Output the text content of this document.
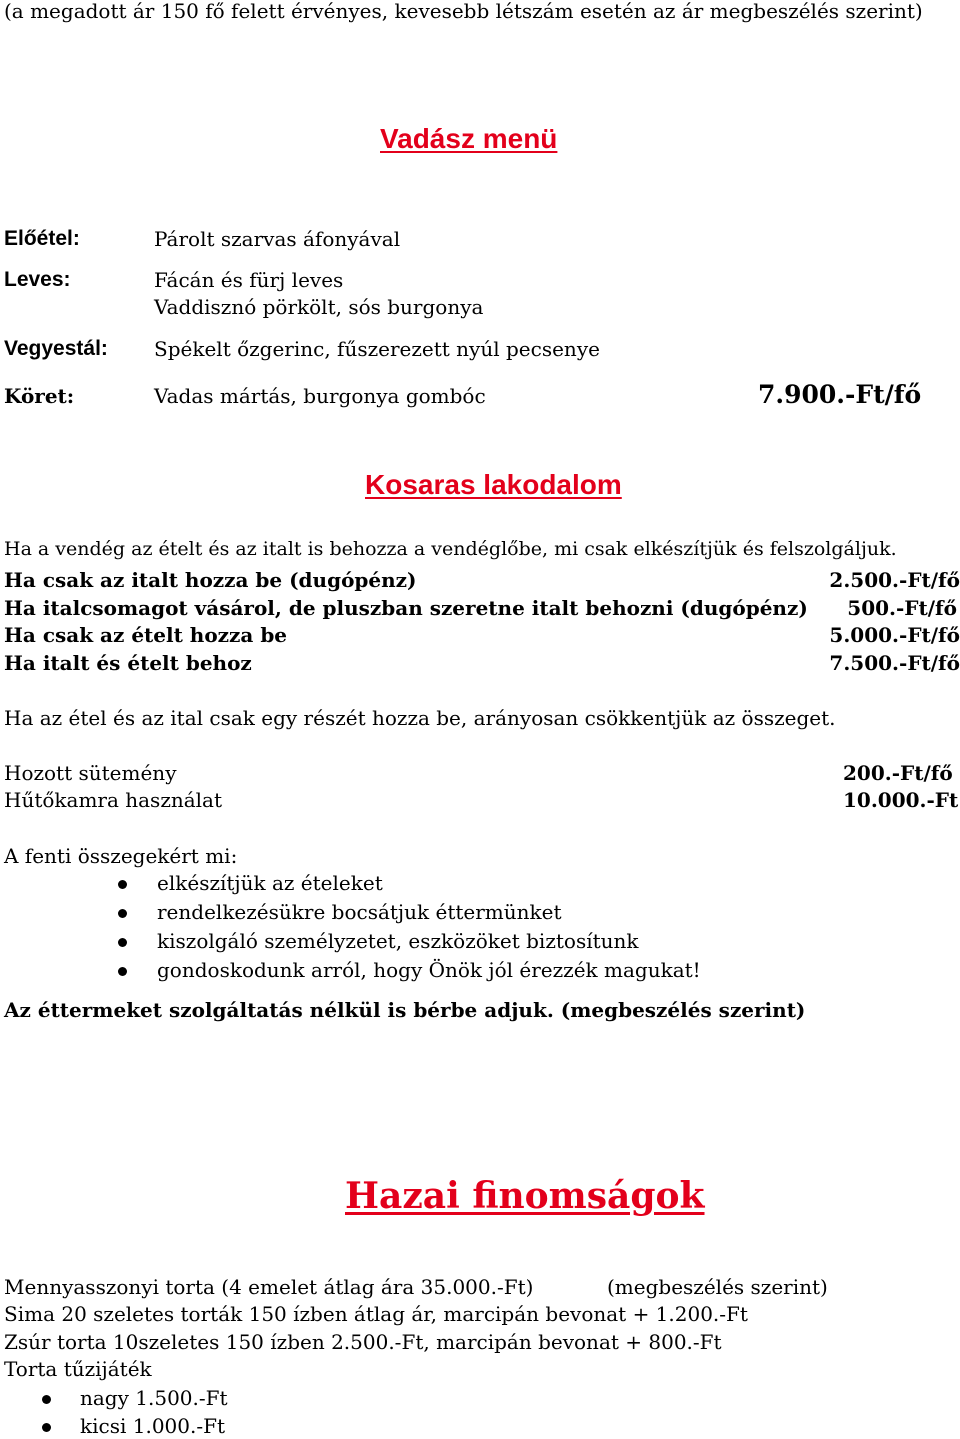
(a megadott ár 150 fő felett érvényes, kevesebb létszám esetén az ár megbeszélés szerint)
Vadász menü
Előétel:	Párolt szarvas áfonyával
Leves:	Fácán és fürj leves
Vaddisznó pörkölt, sós burgonya
Vegyestál: Spékelt őzgerinc, fűszerezett nyúl pecsenye
Köret:	Vadas mártás, burgonya gombóc	7.900.-Ft/fő
Kosaras lakodalom
Ha a vendég az ételt és az italt is behozza a vendéglőbe, mi csak elkészítjük és felszolgáljuk.
Ha csak az italt hozza be (dugópénz)	2.500.-Ft/fő
Ha italcsomagot vásárol, de pluszban szeretne italt behozni (dugópénz) 500.-Ft/fő
Ha csak az ételt hozza be	5.000.-Ft/fő
Ha italt és ételt behoz	7.500.-Ft/fő
Ha az étel és az ital csak egy részét hozza be, arányosan csökkentjük az összeget.
Hozott sütemény	200.-Ft/fő
Hűtőkamra használat	10.000.-Ft
A fenti összegekért mi:
elkészítjük az ételeket
rendelkezésükre bocsátjuk éttermünket
kiszolgáló személyzetet, eszközöket biztosítunk
gondoskodunk arról, hogy Önök jól érezzék magukat!
Az éttermeket szolgáltatás nélkül is bérbe adjuk. (megbeszélés szerint)
Hazai finomságok
Mennyasszonyi torta (4 emelet átlag ára 35.000.-Ft)	(megbeszélés szerint)
Sima 20 szeletes torták 150 ízben átlag ár, marcipán bevonat + 1.200.-Ft
Zsúr torta 10szeletes 150 ízben 2.500.-Ft, marcipán bevonat + 800.-Ft
Torta tűzijáték
nagy 1.500.-Ft
kicsi 1.000.-Ft
